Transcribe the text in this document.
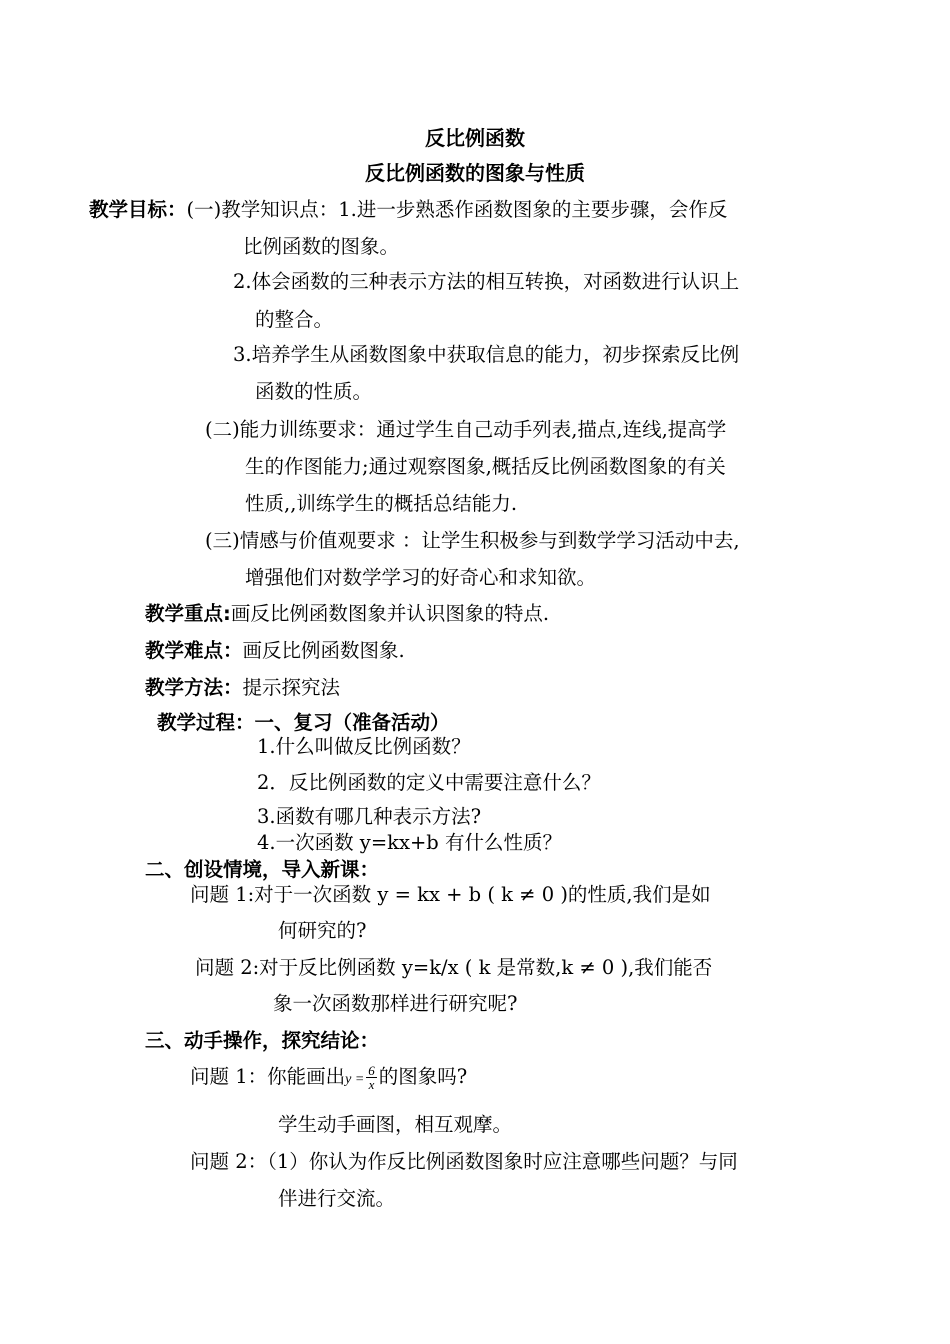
反比例函数
反比例函数的图象与性质
教学目标：(一)教学知识点：1.进一步熟悉作函数图象的主要步骤，会作反
比例函数的图象。
2.体会函数的三种表示方法的相互转换，对函数进行认识上
的整合。
3.培养学生从函数图象中获取信息的能力，初步探索反比例
函数的性质。
(二)能力训练要求：通过学生自己动手列表,描点,连线,提高学
生的作图能力;通过观察图象,概括反比例函数图象的有关
性质,,训练学生的概括总结能力.
(三)情感与价值观要求 ：让学生积极参与到数学学习活动中去,
增强他们对数学学习的好奇心和求知欲。
教学重点:画反比例函数图象并认识图象的特点.
教学难点：画反比例函数图象.
教学方法：提示探究法
教学过程：一、复习（准备活动）
1.什么叫做反比例函数？
2．反比例函数的定义中需要注意什么？
3.函数有哪几种表示方法?
4.一次函数 y=kx+b 有什么性质？
二、创设情境，导入新课：
问题 1:对于一次函数 y = kx + b ( k ≠ 0 )的性质,我们是如
何研究的?
问题 2:对于反比例函数 y=k/x ( k 是常数,k ≠ 0 ),我们能否
象一次函数那样进行研究呢?
三、动手操作，探究结论：
问题 1：你能画出$y = \frac{6}{x}$ 的图象吗?
学生动手画图，相互观摩。
问题 2：（1）你认为作反比例函数图象时应注意哪些问题？与同
伴进行交流。
